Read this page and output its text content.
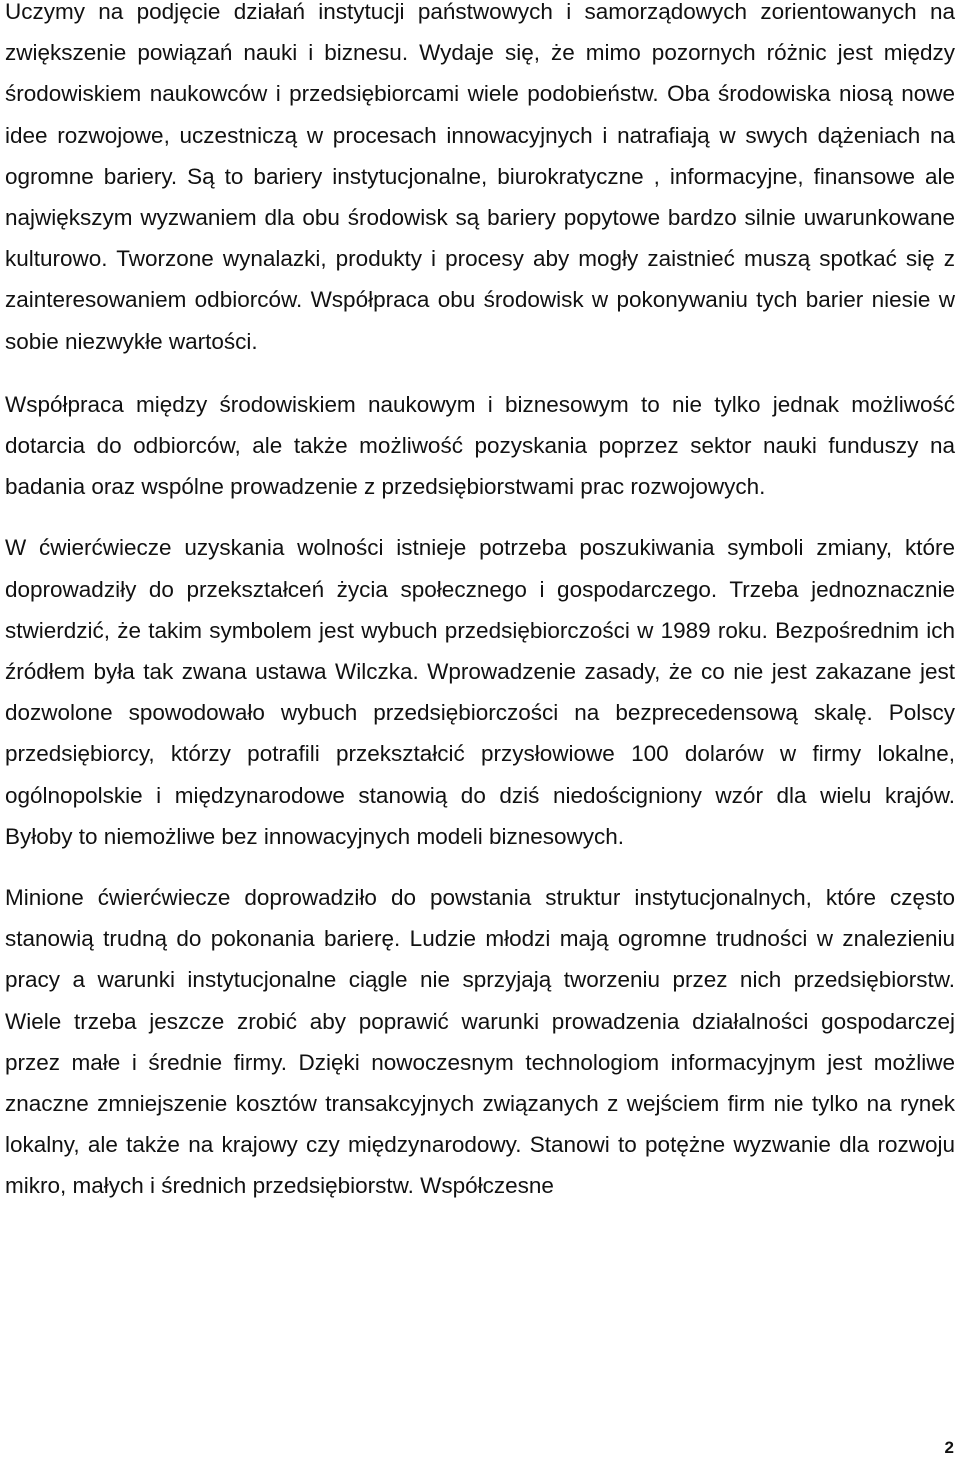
Uczymy na podjęcie działań instytucji państwowych i samorządowych zorientowanych na zwiększenie powiązań nauki i biznesu. Wydaje się, że mimo pozornych różnic jest między środowiskiem naukowców i przedsiębiorcami wiele podobieństw. Oba środowiska niosą nowe idee rozwojowe, uczestniczą w procesach innowacyjnych i natrafiają w swych dążeniach na ogromne bariery. Są to bariery instytucjonalne, biurokratyczne , informacyjne, finansowe ale największym wyzwaniem dla obu środowisk są bariery popytowe bardzo silnie uwarunkowane kulturowo. Tworzone wynalazki, produkty i procesy aby mogły zaistnieć muszą spotkać się z zainteresowaniem odbiorców. Współpraca obu środowisk w pokonywaniu tych barier niesie w sobie niezwykłe wartości.

Współpraca między środowiskiem naukowym i biznesowym to nie tylko jednak możliwość dotarcia do odbiorców, ale także możliwość pozyskania poprzez sektor nauki funduszy na badania oraz wspólne prowadzenie z przedsiębiorstwami prac rozwojowych.

W ćwierćwiecze uzyskania wolności istnieje potrzeba poszukiwania symboli zmiany, które doprowadziły do przekształceń życia społecznego i gospodarczego. Trzeba jednoznacznie stwierdzić, że takim symbolem jest wybuch przedsiębiorczości w 1989 roku. Bezpośrednim ich źródłem była tak zwana ustawa Wilczka. Wprowadzenie zasady, że co nie jest zakazane jest dozwolone spowodowało wybuch przedsiębiorczości na bezprecedensową skalę. Polscy przedsiębiorcy, którzy potrafili przekształcić przysłowiowe 100 dolarów w firmy lokalne, ogólnopolskie i międzynarodowe stanowią do dziś niedościgniony wzór dla wielu krajów. Byłoby to niemożliwe bez innowacyjnych modeli biznesowych.

Minione ćwierćwiecze doprowadziło do powstania struktur instytucjonalnych, które często stanowią trudną do pokonania barierę. Ludzie młodzi mają ogromne trudności w znalezieniu pracy a warunki instytucjonalne ciągle nie sprzyjają tworzeniu przez nich przedsiębiorstw. Wiele trzeba jeszcze zrobić aby poprawić warunki prowadzenia działalności gospodarczej przez małe i średnie firmy. Dzięki nowoczesnym technologiom informacyjnym jest możliwe znaczne zmniejszenie kosztów transakcyjnych związanych z wejściem firm nie tylko na rynek lokalny, ale także na krajowy czy międzynarodowy. Stanowi to potężne wyzwanie dla rozwoju mikro, małych i średnich przedsiębiorstw. Współczesne

2
